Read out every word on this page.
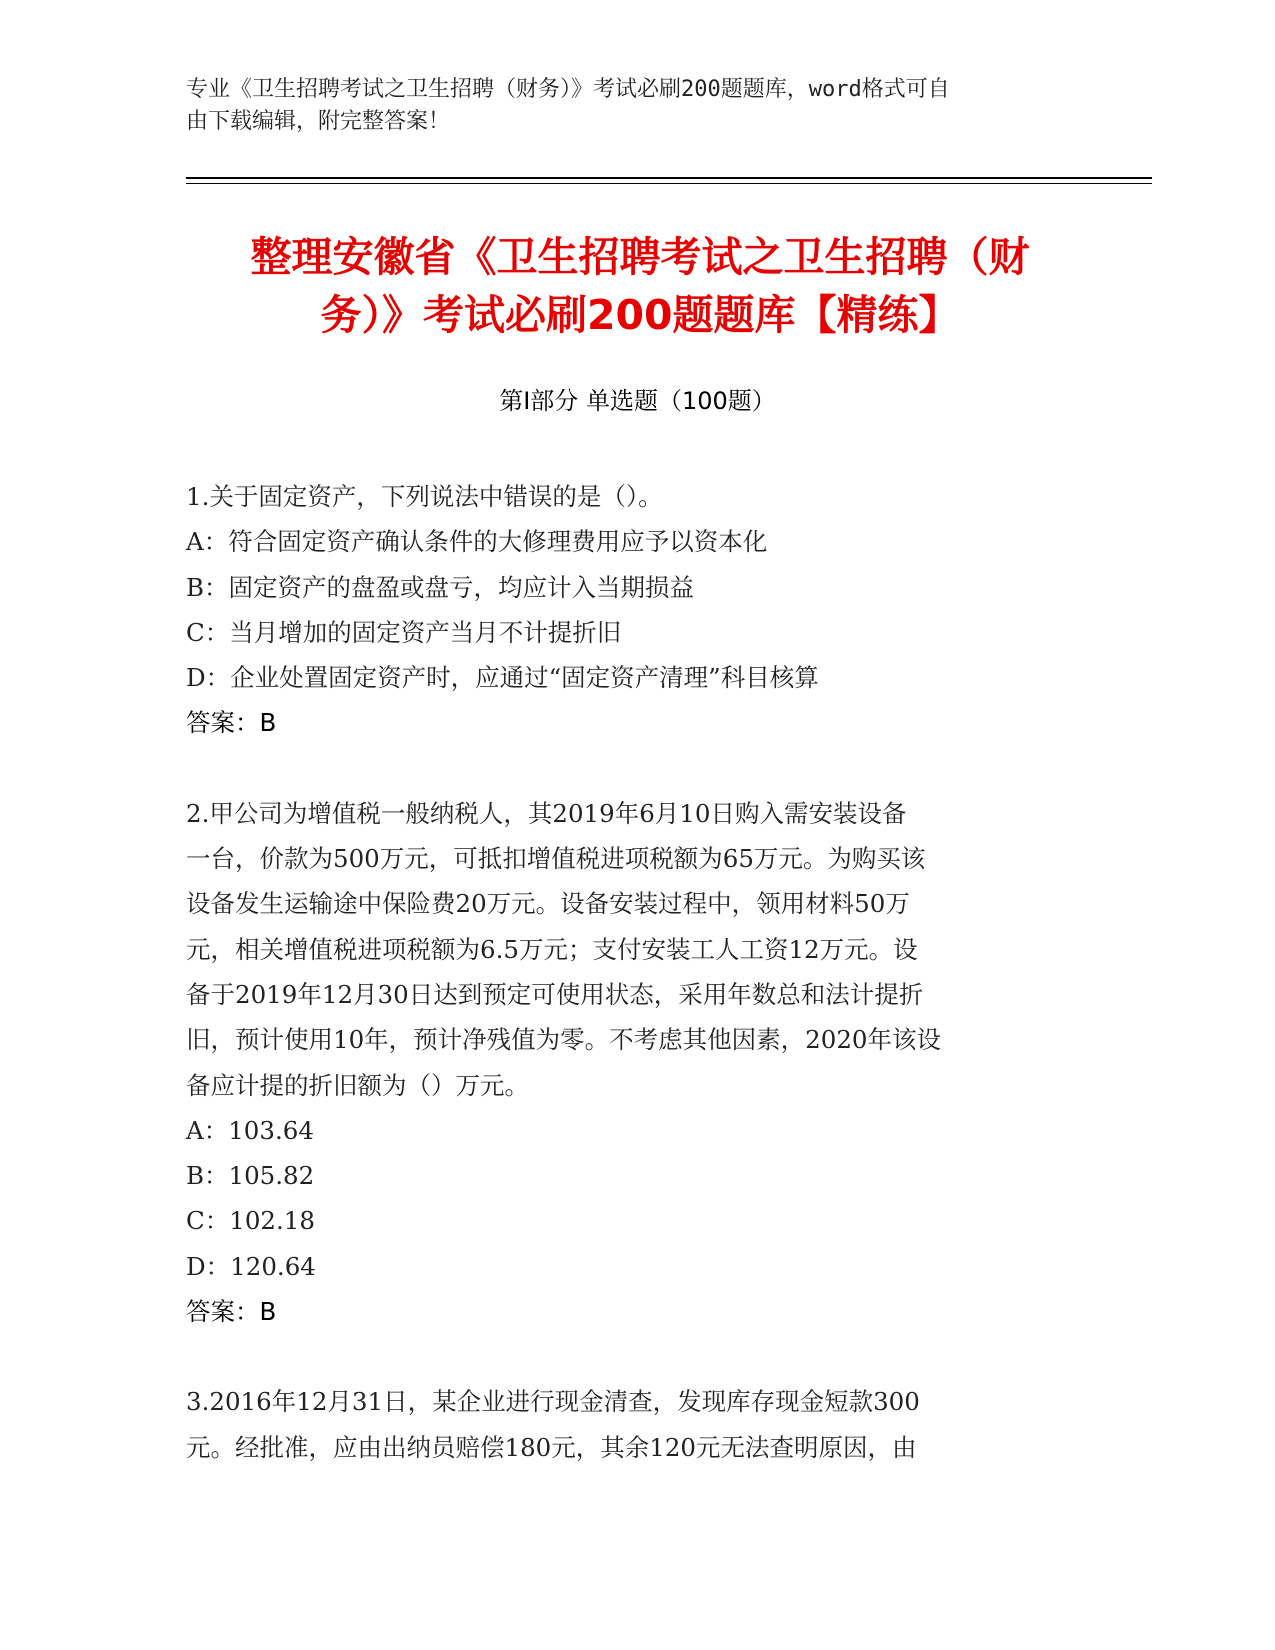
专业《卫生招聘考试之卫生招聘（财务）》考试必刷200题题库，word格式可自
由下载编辑，附完整答案！
整理安徽省《卫生招聘考试之卫生招聘（财
务）》考试必刷200题题库【精练】
第Ⅰ部分 单选题（100题）
1.关于固定资产，下列说法中错误的是（）。
A：符合固定资产确认条件的大修理费用应予以资本化
B：固定资产的盘盈或盘亏，均应计入当期损益
C：当月增加的固定资产当月不计提折旧
D：企业处置固定资产时，应通过“固定资产清理”科目核算
答案：B
2.甲公司为增值税一般纳税人，其2019年6月10日购入需安装设备
一台，价款为500万元，可抵扣增值税进项税额为65万元。为购买该
设备发生运输途中保险费20万元。设备安装过程中，领用材料50万
元，相关增值税进项税额为6.5万元；支付安装工人工资12万元。设
备于2019年12月30日达到预定可使用状态，采用年数总和法计提折
旧，预计使用10年，预计净残值为零。不考虑其他因素，2020年该设
备应计提的折旧额为（）万元。
A：103.64
B：105.82
C：102.18
D：120.64
答案：B
3.2016年12月31日，某企业进行现金清查，发现库存现金短款300
元。经批准，应由出纳员赔偿180元，其余120元无法查明原因，由
